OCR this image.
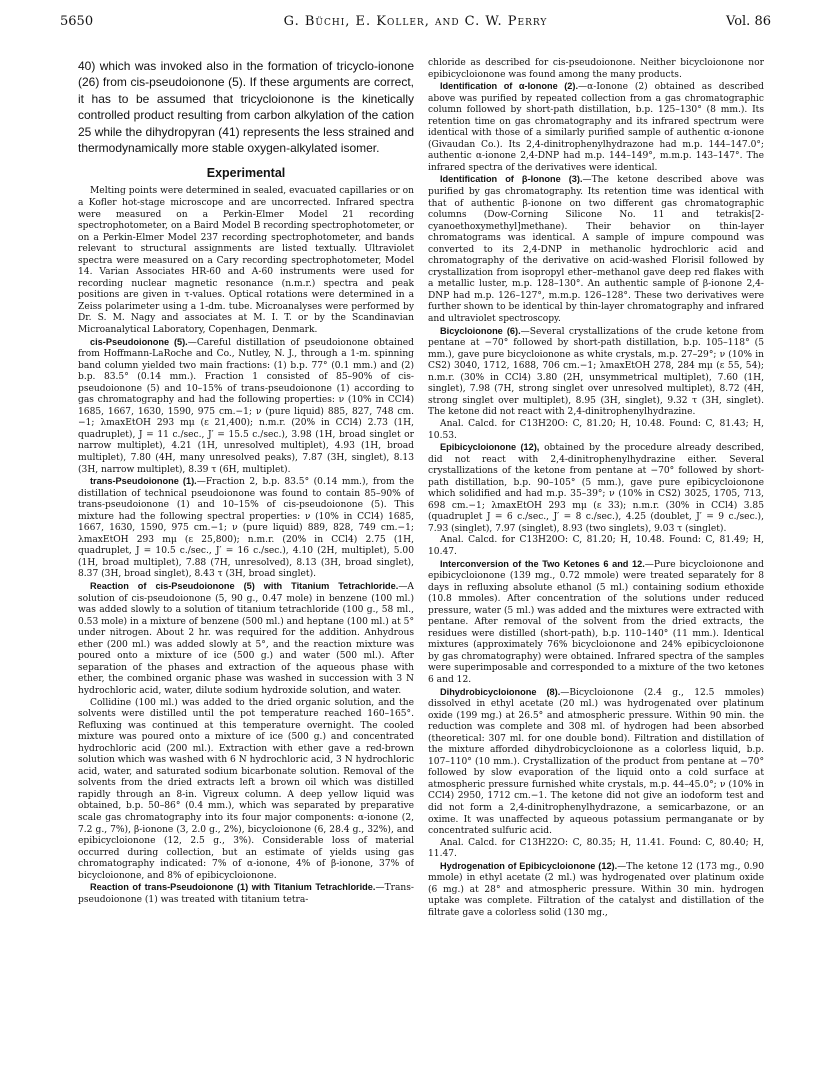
5650	G. Büchi, E. Koller, and C. W. Perry	Vol. 86

40) which was invoked also in the formation of tricyclo-ionone (26) from cis-pseudoionone (5). If these arguments are correct, it has to be assumed that tricycloionone is the kinetically controlled product resulting from carbon alkylation of the cation 25 while the dihydropyran (41) represents the less strained and thermodynamically more stable oxygen-alkylated isomer.

Experimental

Melting points were determined in sealed, evacuated capillaries or on a Kofler hot-stage microscope and are uncorrected. Infrared spectra were measured on a Perkin-Elmer Model 21 recording spectrophotometer, on a Baird Model B recording spectrophotometer, or on a Perkin-Elmer Model 237 recording spectrophotometer, and bands relevant to structural assignments are listed textually. Ultraviolet spectra were measured on a Cary recording spectrophotometer, Model 14. Varian Associates HR-60 and A-60 instruments were used for recording nuclear magnetic resonance (n.m.r.) spectra and peak positions are given in τ-values. Optical rotations were determined in a Zeiss polarimeter using a 1-dm. tube. Microanalyses were performed by Dr. S. M. Nagy and associates at M. I. T. or by the Scandinavian Microanalytical Laboratory, Copenhagen, Denmark.

cis-Pseudoionone (5).—Careful distillation of pseudoionone obtained from Hoffmann-LaRoche and Co., Nutley, N. J., through a 1-m. spinning band column yielded two main fractions: (1) b.p. 77° (0.1 mm.) and (2) b.p. 83.5° (0.14 mm.). Fraction 1 consisted of 85–90% of cis-pseudoionone (5) and 10–15% of trans-pseudoionone (1) according to gas chromatography and had the following properties: ν (10% in CCl4) 1685, 1667, 1630, 1590, 975 cm.−1; ν (pure liquid) 885, 827, 748 cm.−1; λmaxEtOH 293 mμ (ε 21,400); n.m.r. (20% in CCl4) 2.73 (1H, quadruplet), J = 11 c./sec., J′ = 15.5 c./sec.), 3.98 (1H, broad singlet or narrow multiplet), 4.21 (1H, unresolved multiplet), 4.93 (1H, broad multiplet), 7.80 (4H, many unresolved peaks), 7.87 (3H, singlet), 8.13 (3H, narrow multiplet), 8.39 τ (6H, multiplet).

trans-Pseudoionone (1).—Fraction 2, b.p. 83.5° (0.14 mm.), from the distillation of technical pseudoionone was found to contain 85–90% of trans-pseudoionone (1) and 10–15% of cis-pseudoionone (5). This mixture had the following spectral properties: ν (10% in CCl4) 1685, 1667, 1630, 1590, 975 cm.−1; ν (pure liquid) 889, 828, 749 cm.−1; λmaxEtOH 293 mμ (ε 25,800); n.m.r. (20% in CCl4) 2.75 (1H, quadruplet, J = 10.5 c./sec., J′ = 16 c./sec.), 4.10 (2H, multiplet), 5.00 (1H, broad multiplet), 7.88 (7H, unresolved), 8.13 (3H, broad singlet), 8.37 (3H, broad singlet), 8.43 τ (3H, broad singlet).

Reaction of cis-Pseudoionone (5) with Titanium Tetrachloride.—A solution of cis-pseudoionone (5, 90 g., 0.47 mole) in benzene (100 ml.) was added slowly to a solution of titanium tetrachloride (100 g., 58 ml., 0.53 mole) in a mixture of benzene (500 ml.) and heptane (100 ml.) at 5° under nitrogen. About 2 hr. was required for the addition. Anhydrous ether (200 ml.) was added slowly at 5°, and the reaction mixture was poured onto a mixture of ice (500 g.) and water (500 ml.). After separation of the phases and extraction of the aqueous phase with ether, the combined organic phase was washed in succession with 3 N hydrochloric acid, water, dilute sodium hydroxide solution, and water.

Collidine (100 ml.) was added to the dried organic solution, and the solvents were distilled until the pot temperature reached 160–165°. Refluxing was continued at this temperature overnight. The cooled mixture was poured onto a mixture of ice (500 g.) and concentrated hydrochloric acid (200 ml.). Extraction with ether gave a red-brown solution which was washed with 6 N hydrochloric acid, 3 N hydrochloric acid, water, and saturated sodium bicarbonate solution. Removal of the solvents from the dried extracts left a brown oil which was distilled rapidly through an 8-in. Vigreux column. A deep yellow liquid was obtained, b.p. 50–86° (0.4 mm.), which was separated by preparative scale gas chromatography into its four major components: α-ionone (2, 7.2 g., 7%), β-ionone (3, 2.0 g., 2%), bicycloionone (6, 28.4 g., 32%), and epibicycloionone (12, 2.5 g., 3%). Considerable loss of material occurred during collection, but an estimate of yields using gas chromatography indicated: 7% of α-ionone, 4% of β-ionone, 37% of bicycloionone, and 8% of epibicycloionone.

Reaction of trans-Pseudoionone (1) with Titanium Tetrachloride.—Trans-pseudoionone (1) was treated with titanium tetra-

chloride as described for cis-pseudoionone. Neither bicycloionone nor epibicycloionone was found among the many products.

Identification of α-Ionone (2).—α-Ionone (2) obtained as described above was purified by repeated collection from a gas chromatographic column followed by short-path distillation, b.p. 125–130° (8 mm.). Its retention time on gas chromatography and its infrared spectrum were identical with those of a similarly purified sample of authentic α-ionone (Givaudan Co.). Its 2,4-dinitrophenylhydrazone had m.p. 144–147.0°; authentic α-ionone 2,4-DNP had m.p. 144–149°, m.m.p. 143–147°. The infrared spectra of the derivatives were identical.

Identification of β-Ionone (3).—The ketone described above was purified by gas chromatography. Its retention time was identical with that of authentic β-ionone on two different gas chromatographic columns (Dow-Corning Silicone No. 11 and tetrakis[2-cyanoethoxymethyl]methane). Their behavior on thin-layer chromatograms was identical. A sample of impure compound was converted to its 2,4-DNP in methanolic hydrochloric acid and chromatography of the derivative on acid-washed Florisil followed by crystallization from isopropyl ether–methanol gave deep red flakes with a metallic luster, m.p. 128–130°. An authentic sample of β-ionone 2,4-DNP had m.p. 126–127°, m.m.p. 126–128°. These two derivatives were further shown to be identical by thin-layer chromatography and infrared and ultraviolet spectroscopy.

Bicycloionone (6).—Several crystallizations of the crude ketone from pentane at −70° followed by short-path distillation, b.p. 105–118° (5 mm.), gave pure bicycloionone as white crystals, m.p. 27–29°; ν (10% in CS2) 3040, 1712, 1688, 706 cm.−1; λmaxEtOH 278, 284 mμ (ε 55, 54); n.m.r. (30% in CCl4) 3.80 (2H, unsymmetrical multiplet), 7.60 (1H, singlet), 7.98 (7H, strong singlet over unresolved multiplet), 8.72 (4H, strong singlet over multiplet), 8.95 (3H, singlet), 9.32 τ (3H, singlet). The ketone did not react with 2,4-dinitrophenylhydrazine.

Anal. Calcd. for C13H20O: C, 81.20; H, 10.48. Found: C, 81.43; H, 10.53.

Epibicycloionone (12), obtained by the procedure already described, did not react with 2,4-dinitrophenylhydrazine either. Several crystallizations of the ketone from pentane at −70° followed by short-path distillation, b.p. 90–105° (5 mm.), gave pure epibicycloionone which solidified and had m.p. 35–39°; ν (10% in CS2) 3025, 1705, 713, 698 cm.−1; λmaxEtOH 293 mμ (ε 33); n.m.r. (30% in CCl4) 3.85 (quadruplet J = 6 c./sec., J′ = 8 c./sec.), 4.25 (doublet, J′ = 9 c./sec.), 7.93 (singlet), 7.97 (singlet), 8.93 (two singlets), 9.03 τ (singlet).

Anal. Calcd. for C13H20O: C, 81.20; H, 10.48. Found: C, 81.49; H, 10.47.

Interconversion of the Two Ketones 6 and 12.—Pure bicycloionone and epibicycloionone (139 mg., 0.72 mmole) were treated separately for 8 days in refluxing absolute ethanol (5 ml.) containing sodium ethoxide (10.8 mmoles). After concentration of the solutions under reduced pressure, water (5 ml.) was added and the mixtures were extracted with pentane. After removal of the solvent from the dried extracts, the residues were distilled (short-path), b.p. 110–140° (11 mm.). Identical mixtures (approximately 76% bicycloionone and 24% epibicycloionone by gas chromatography) were obtained. Infrared spectra of the samples were superimposable and corresponded to a mixture of the two ketones 6 and 12.

Dihydrobicycloionone (8).—Bicycloionone (2.4 g., 12.5 mmoles) dissolved in ethyl acetate (20 ml.) was hydrogenated over platinum oxide (199 mg.) at 26.5° and atmospheric pressure. Within 90 min. the reduction was complete and 308 ml. of hydrogen had been absorbed (theoretical: 307 ml. for one double bond). Filtration and distillation of the mixture afforded dihydrobicycloionone as a colorless liquid, b.p. 107–110° (10 mm.). Crystallization of the product from pentane at −70° followed by slow evaporation of the liquid onto a cold surface at atmospheric pressure furnished white crystals, m.p. 44–45.0°; ν (10% in CCl4) 2950, 1712 cm.−1. The ketone did not give an iodoform test and did not form a 2,4-dinitrophenylhydrazone, a semicarbazone, or an oxime. It was unaffected by aqueous potassium permanganate or by concentrated sulfuric acid.

Anal. Calcd. for C13H22O: C, 80.35; H, 11.41. Found: C, 80.40; H, 11.47.

Hydrogenation of Epibicycloionone (12).—The ketone 12 (173 mg., 0.90 mmole) in ethyl acetate (2 ml.) was hydrogenated over platinum oxide (6 mg.) at 28° and atmospheric pressure. Within 30 min. hydrogen uptake was complete. Filtration of the catalyst and distillation of the filtrate gave a colorless solid (130 mg.,
